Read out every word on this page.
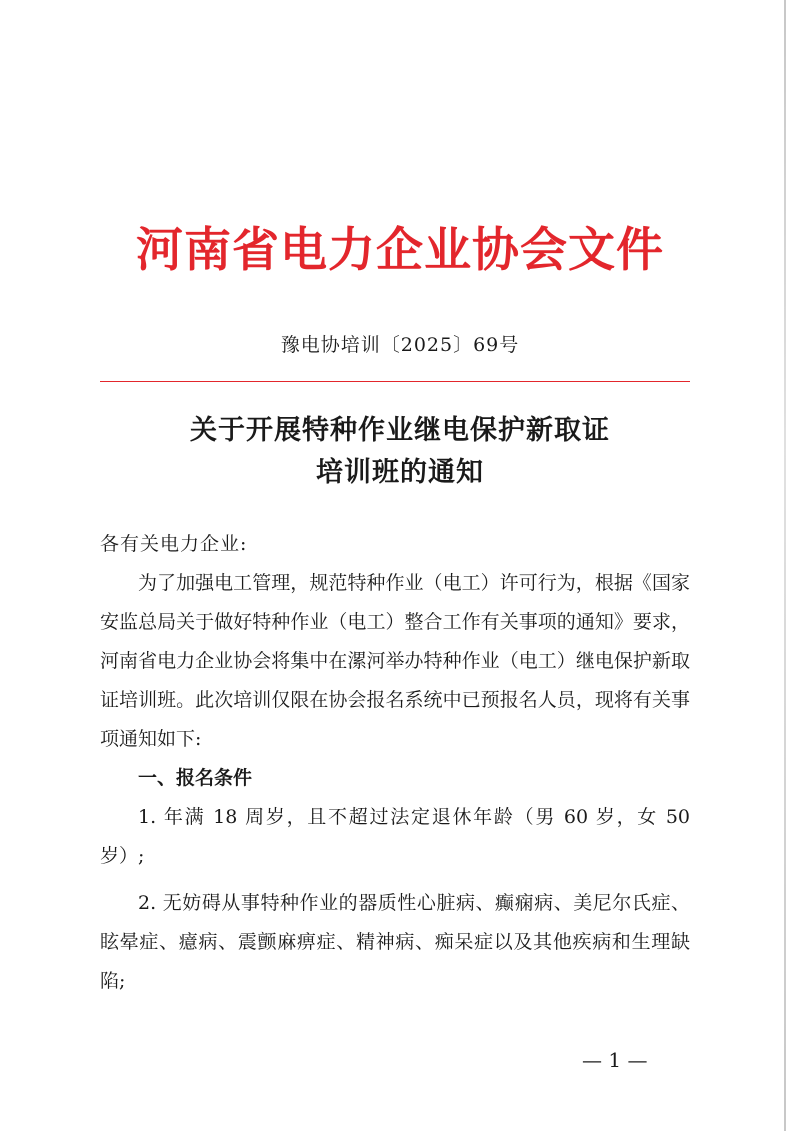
河南省电力企业协会文件
豫电协培训〔2025〕69号
关于开展特种作业继电保护新取证
培训班的通知

各有关电力企业:

为了加强电工管理，规范特种作业（电工）许可行为，根据《国家安监总局关于做好特种作业（电工）整合工作有关事项的通知》要求，河南省电力企业协会将集中在漯河举办特种作业（电工）继电保护新取证培训班。此次培训仅限在协会报名系统中已预报名人员，现将有关事项通知如下:

一、报名条件

1. 年满 18 周岁，且不超过法定退休年龄（男 60 岁，女 50 岁）;

2. 无妨碍从事特种作业的器质性心脏病、癫痫病、美尼尔氏症、眩晕症、癔病、震颤麻痹症、精神病、痴呆症以及其他疾病和生理缺陷;

— 1 —
